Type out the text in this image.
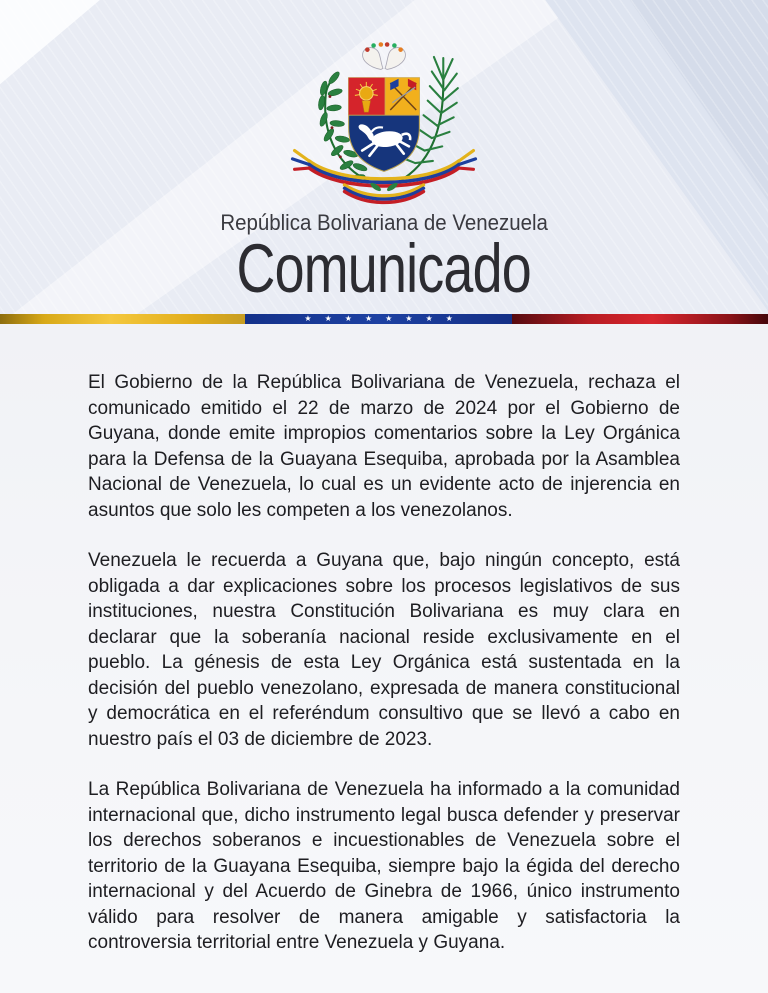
República Bolivariana de Venezuela
Comunicado
★★★★★★★★

El Gobierno de la República Bolivariana de Venezuela, rechaza el comunicado emitido el 22 de marzo de 2024 por el Gobierno de Guyana, donde emite impropios comentarios sobre la Ley Orgánica para la Defensa de la Guayana Esequiba, aprobada por la Asamblea Nacional de Venezuela, lo cual es un evidente acto de injerencia en asuntos que solo les competen a los venezolanos.

Venezuela le recuerda a Guyana que, bajo ningún concepto, está obligada a dar explicaciones sobre los procesos legislativos de sus instituciones, nuestra Constitución Bolivariana es muy clara en declarar que la soberanía nacional reside exclusivamente en el pueblo. La génesis de esta Ley Orgánica está sustentada en la decisión del pueblo venezolano, expresada de manera constitucional y democrática en el referéndum consultivo que se llevó a cabo en nuestro país el 03 de diciembre de 2023.

La República Bolivariana de Venezuela ha informado a la comunidad internacional que, dicho instrumento legal busca defender y preservar los derechos soberanos e incuestionables de Venezuela sobre el territorio de la Guayana Esequiba, siempre bajo la égida del derecho internacional y del Acuerdo de Ginebra de 1966, único instrumento válido para resolver de manera amigable y satisfactoria la controversia territorial entre Venezuela y Guyana.
